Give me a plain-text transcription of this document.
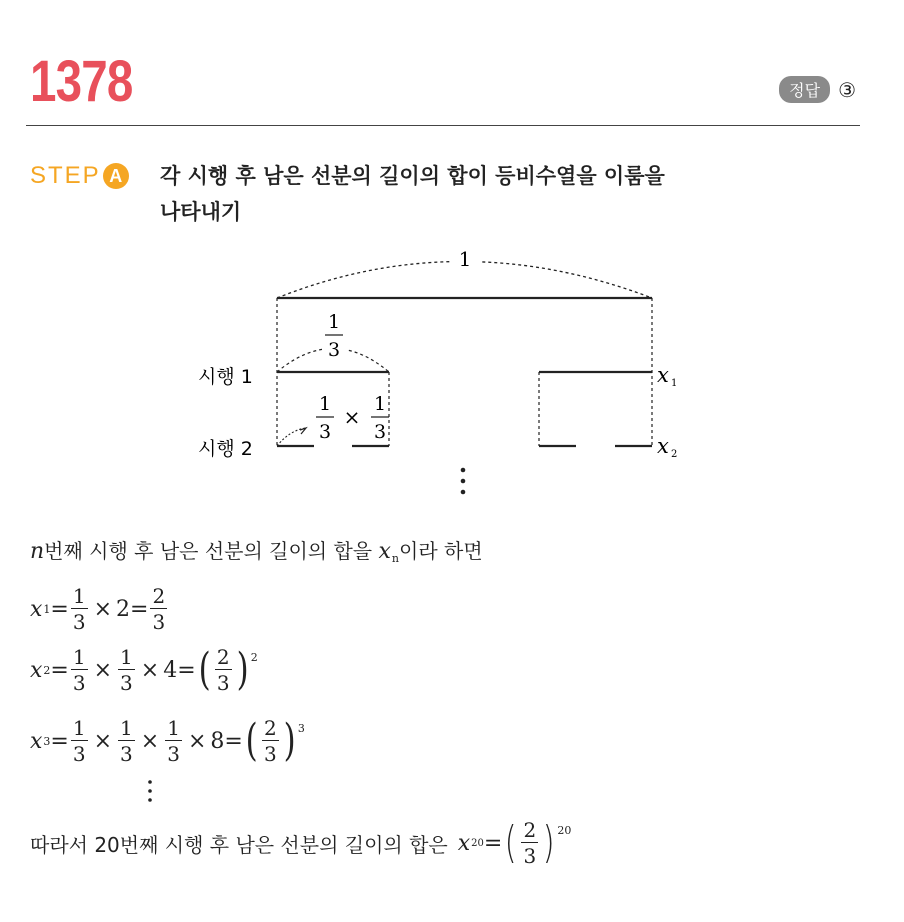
1378	정답 ③
STEP A	각 시행 후 남은 선분의 길이의 합이 등비수열을 이룸을
나타내기
1
1
3
1
3
×
1
3
시행 1
시행 2
x 1
x 2
n번째 시행 후 남은 선분의 길이의 합을 $x_n$이라 하면
x $1 = \frac{1}{3} \times 2 = \frac{2}{3}$
x $2 = \frac{1}{3} \times \frac{1}{3} \times 4$ = ( $\frac{2}{3}$ ) 2
x $3 = \frac{1}{3} \times \frac{1}{3} \times \frac{1}{3} \times 8$ = ( $\frac{2}{3}$ ) 3
따라서 20번째 시행 후 남은 선분의 길이의 합은 x 20 = ( $\frac{2}{3}$ ) 20
